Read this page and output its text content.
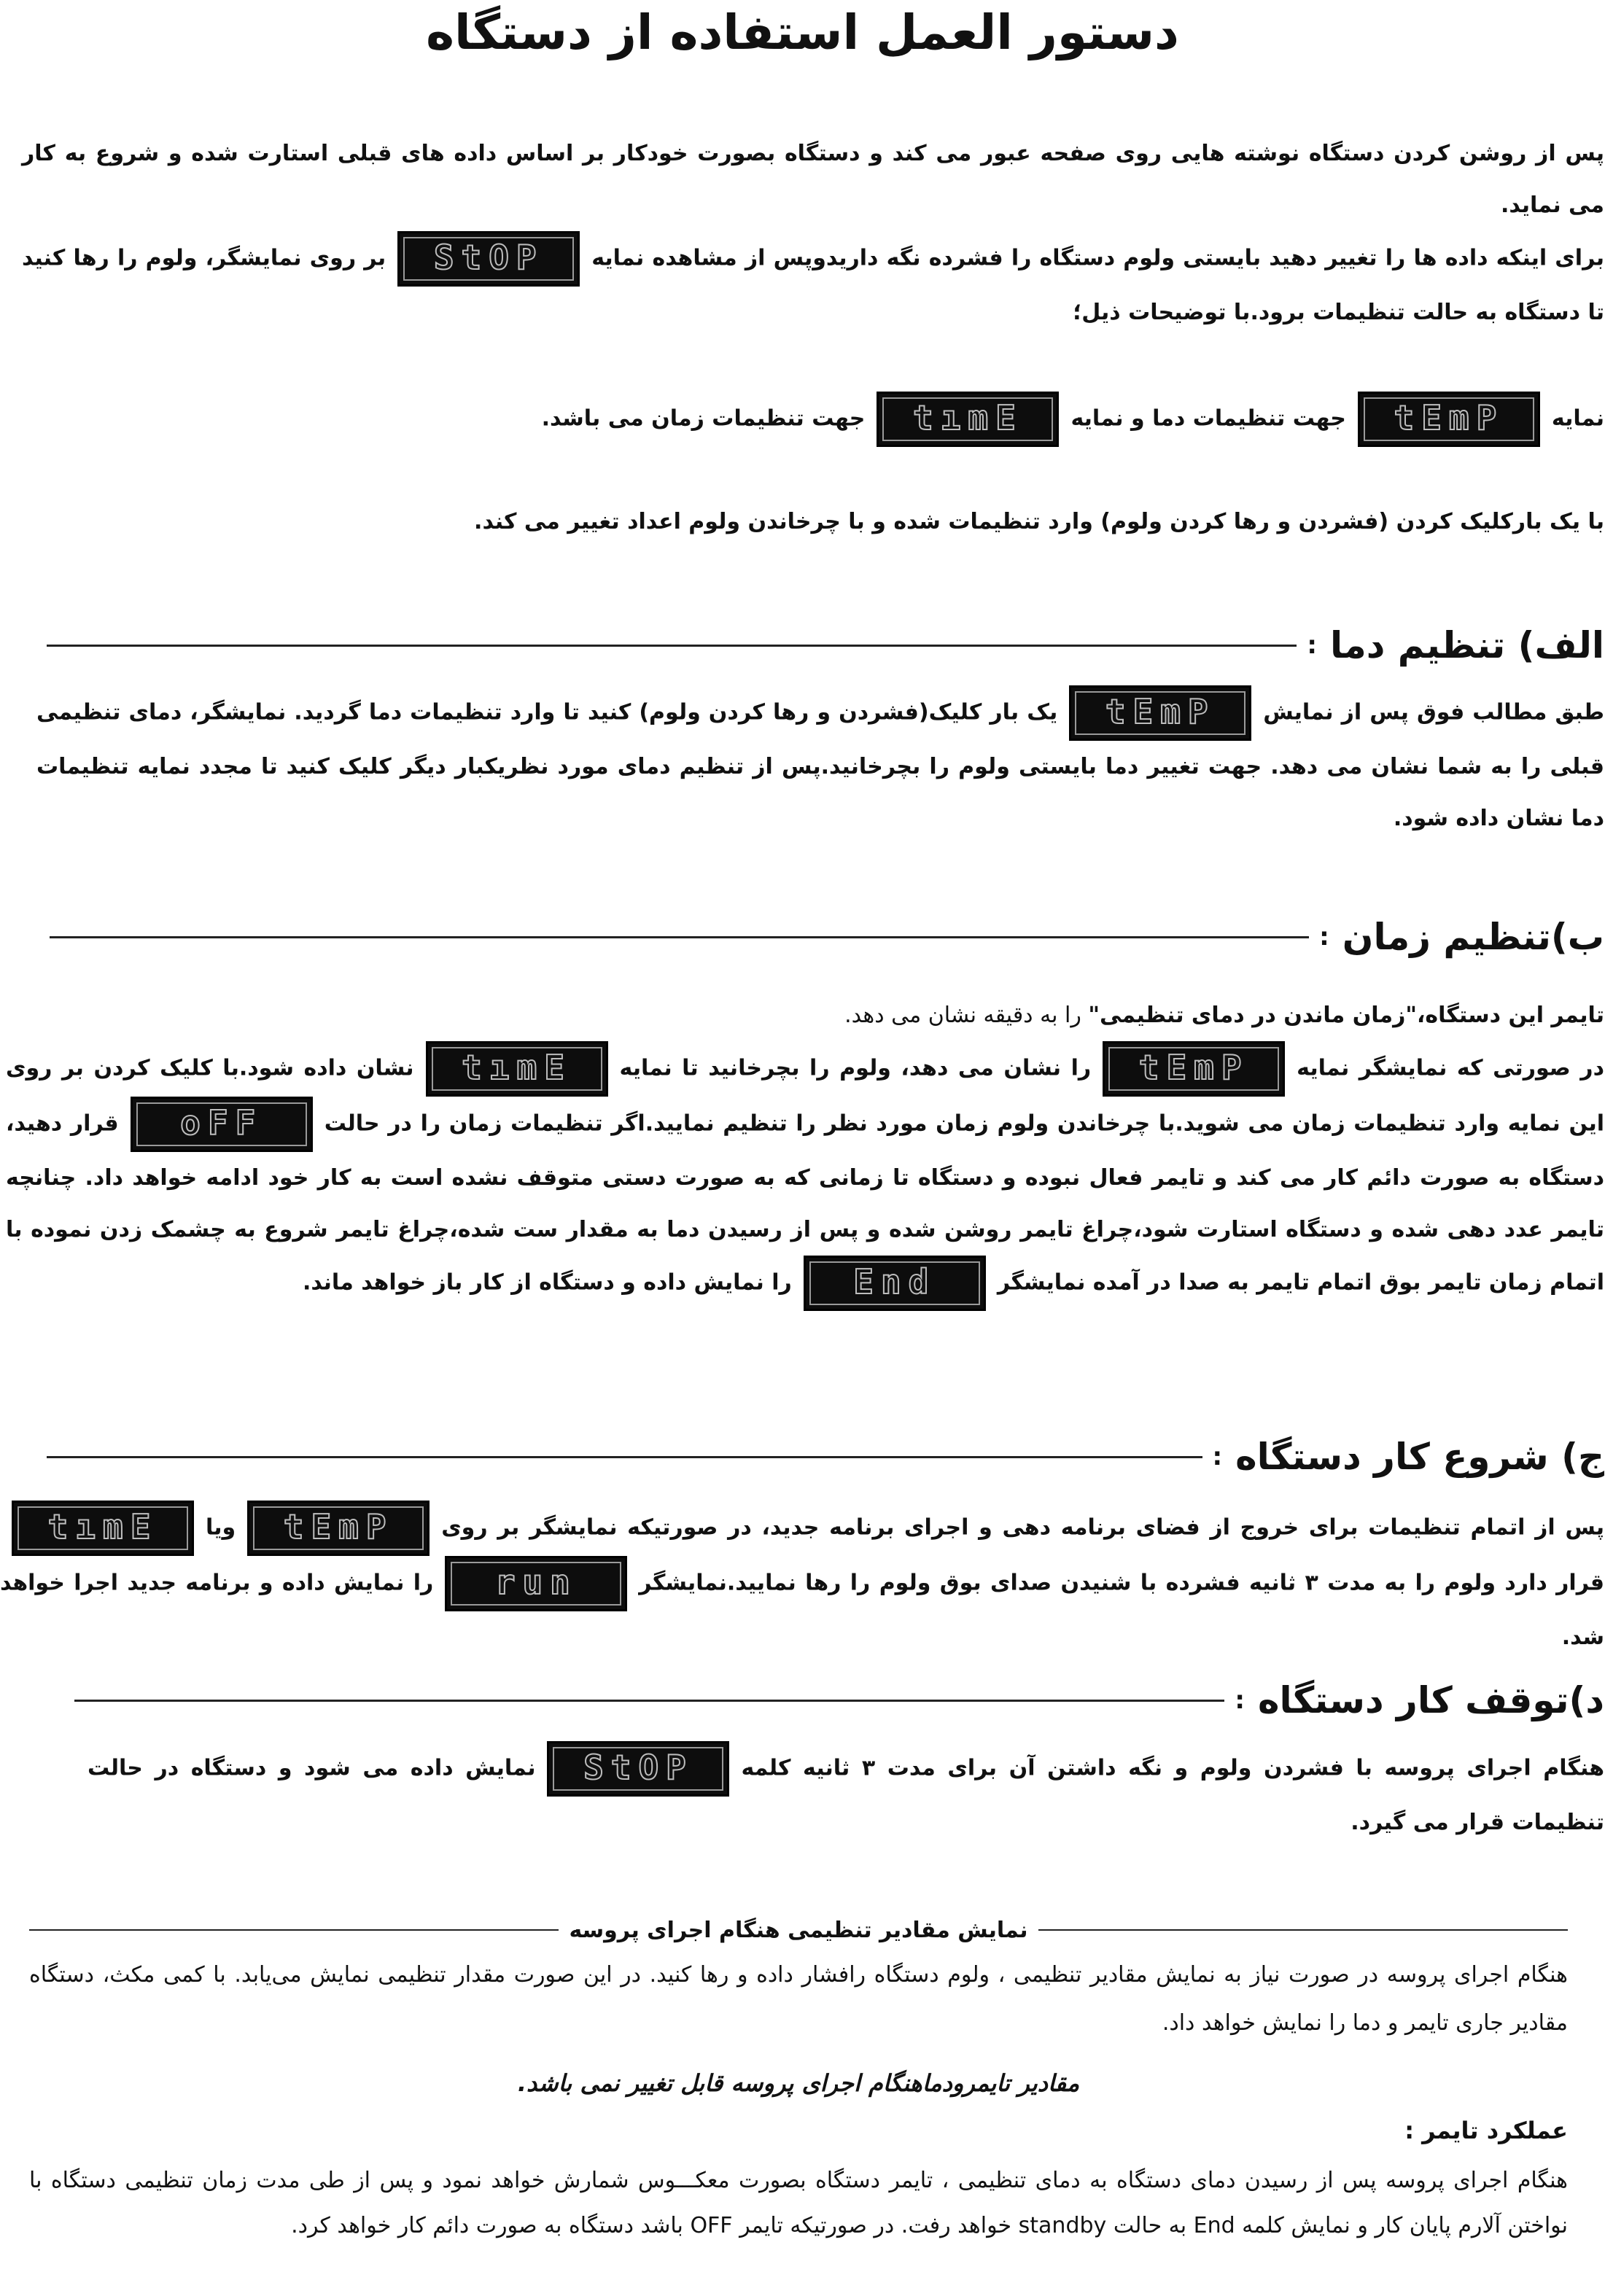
دستور العمل استفاده از دستگاه

پس از روشن کردن دستگاه نوشته هایی روی صفحه عبور می کند و دستگاه بصورت خودکار بر اساس داده های قبلی استارت شده و شروع به کار می نماید.
برای اینکه داده ها را تغییر دهید بایستی ولوم دستگاه را فشرده نگه داریدوپس از مشاهده نمایهStOPبر روی نمایشگر، ولوم را رها کنید تا دستگاه به حالت تنظیمات برود.با توضیحات ذیل؛

نمایهtEmPجهت تنظیمات دما و نمایهtımEجهت تنظیمات زمان می باشد.

با یک بارکلیک کردن (فشردن و رها کردن ولوم) وارد تنظیمات شده و با چرخاندن ولوم اعداد تغییر می کند.

الف) تنظیم دما
:

طبق مطالب فوق پس از نمایشtEmPیک بار کلیک(فشردن و رها کردن ولوم) کنید تا وارد تنظیمات دما گردید. نمایشگر، دمای تنظیمی قبلی را به شما نشان می دهد. جهت تغییر دما بایستی ولوم را بچرخانید.پس از تنظیم دمای مورد نظریکبار دیگر کلیک کنید تا مجدد نمایه تنظیمات دما نشان داده شود.

ب)تنظیم زمان
:

تایمر این دستگاه،"زمان ماندن در دمای تنظیمی" را به دقیقه نشان می دهد.
در صورتی که نمایشگر نمایهtEmPرا نشان می دهد، ولوم را بچرخانید تا نمایهtımEنشان داده شود.با کلیک کردن بر روی این نمایه وارد تنظیمات زمان می شوید.با چرخاندن ولوم زمان مورد نظر را تنظیم نمایید.اگر تنظیمات زمان را در حالتoFFقرار دهید، دستگاه به صورت دائم کار می کند و تایمر فعال نبوده و دستگاه تا زمانی که به صورت دستی متوقف نشده است به کار خود ادامه خواهد داد. چنانچه تایمر عدد دهی شده و دستگاه استارت شود،چراغ تایمر روشن شده و پس از رسیدن دما به مقدار ست شده،چراغ تایمر شروع به چشمک زدن نموده با اتمام زمان تایمر بوق اتمام تایمر به صدا در آمده نمایشگرEndرا نمایش داده و دستگاه از کار باز خواهد ماند.

ج) شروع کار دستگاه
:

پس از اتمام تنظیمات برای خروج از فضای برنامه دهی و اجرای برنامه جدید، در صورتیکه نمایشگر بر رویtEmPویاtımEقرار دارد ولوم را به مدت ۳ ثانیه فشرده با شنیدن صدای بوق ولوم را رها نمایید.نمایشگرrunرا نمایش داده و برنامه جدید اجرا خواهد شد.

د)توقف کار دستگاه
:

هنگام اجرای پروسه با فشردن ولوم و نگه داشتن آن برای مدت ۳ ثانیه کلمهStOPنمایش داده می شود و دستگاه در حالت تنظیمات قرار می گیرد.

نمایش مقادیر تنظیمی هنگام اجرای پروسه

هنگام اجرای پروسه در صورت نیاز به نمایش مقادیر تنظیمی ، ولوم دستگاه رافشار داده و رها کنید. در این صورت مقدار تنظیمی نمایش می‌یابد. با کمی مکث، دستگاه مقادیر جاری تایمر و دما را نمایش خواهد داد.

مقادیر تایمرودماهنگام اجرای پروسه قابل تغییر نمی باشد.
عملکرد تایمر :

هنگام اجرای پروسه پس از رسیدن دمای دستگاه به دمای تنظیمی ، تایمر دستگاه بصورت معکـــوس شمارش خواهد نمود و پس از طی مدت زمان تنظیمی دستگاه با نواختن آلارم پایان کار و نمایش کلمه End به حالت standby خواهد رفت. در صورتیکه تایمر OFF باشد دستگاه به صورت دائم کار خواهد کرد.
